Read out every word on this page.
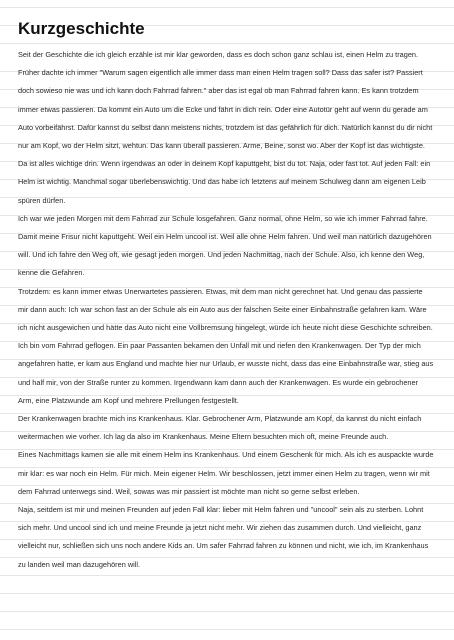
Kurzgeschichte

Seit der Geschichte die ich gleich erzähle ist mir klar geworden, dass es doch schon ganz schlau ist, einen Helm zu tragen. Früher dachte ich immer "Warum sagen eigentlich alle immer dass man einen Helm tragen soll? Dass das safer ist? Passiert doch sowieso nie was und ich kann doch Fahrrad fahren." aber das ist egal ob man Fahrrad fahren kann. Es kann trotzdem immer etwas passieren. Da kommt ein Auto um die Ecke und fährt in dich rein. Oder eine Autotür geht auf wenn du gerade am Auto vorbeifährst. Dafür kannst du selbst dann meistens nichts, trotzdem ist das gefährlich für dich. Natürlich kannst du dir nicht nur am Kopf, wo der Helm sitzt, wehtun. Das kann überall passieren. Arme, Beine, sonst wo. Aber der Kopf ist das wichtigste. Da ist alles wichtige drin. Wenn irgendwas an oder in deinem Kopf kaputtgeht, bist du tot. Naja, oder fast tot. Auf jeden Fall: ein Helm ist wichtig. Manchmal sogar überlebenswichtig. Und das habe ich letztens auf meinem Schulweg dann am eigenen Leib spüren dürfen.

Ich war wie jeden Morgen mit dem Fahrrad zur Schule losgefahren. Ganz normal, ohne Helm, so wie ich immer Fahrrad fahre. Damit meine Frisur nicht kaputtgeht. Weil ein Helm uncool ist. Weil alle ohne Helm fahren. Und weil man natürlich dazugehören will. Und ich fahre den Weg oft, wie gesagt jeden morgen. Und jeden Nachmittag, nach der Schule. Also, ich kenne den Weg, kenne die Gefahren.

Trotzdem: es kann immer etwas Unerwartetes passieren. Etwas, mit dem man nicht gerechnet hat. Und genau das passierte mir dann auch: Ich war schon fast an der Schule als ein Auto aus der falschen Seite einer Einbahnstraße gefahren kam. Wäre ich nicht ausgewichen und hätte das Auto nicht eine Vollbremsung hingelegt, würde ich heute nicht diese Geschichte schreiben.

Ich bin vom Fahrrad geflogen. Ein paar Passanten bekamen den Unfall mit und riefen den Krankenwagen. Der Typ der mich angefahren hatte, er kam aus England und machte hier nur Urlaub, er wusste nicht, dass das eine Einbahnstraße war, stieg aus und half mir, von der Straße runter zu kommen. Irgendwann kam dann auch der Krankenwagen. Es wurde ein gebrochener Arm, eine Platzwunde am Kopf und mehrere Prellungen festgestellt.

Der Krankenwagen brachte mich ins Krankenhaus. Klar. Gebrochener Arm, Platzwunde am Kopf, da kannst du nicht einfach weitermachen wie vorher. Ich lag da also im Krankenhaus. Meine Eltern besuchten mich oft, meine Freunde auch.

Eines Nachmittags kamen sie alle mit einem Helm ins Krankenhaus. Und einem Geschenk für mich. Als ich es auspackte wurde mir klar: es war noch ein Helm. Für mich. Mein eigener Helm. Wir beschlossen, jetzt immer einen Helm zu tragen, wenn wir mit dem Fahrrad unterwegs sind. Weil, sowas was mir passiert ist möchte man nicht so gerne selbst erleben.

Naja, seitdem ist mir und meinen Freunden auf jeden Fall klar: lieber mit Helm fahren und "uncool" sein als zu sterben. Lohnt sich mehr. Und uncool sind ich und meine Freunde ja jetzt nicht mehr. Wir ziehen das zusammen durch. Und vielleicht, ganz vielleicht nur, schließen sich uns noch andere Kids an. Um safer Fahrrad fahren zu können und nicht, wie ich, im Krankenhaus zu landen weil man dazugehören will.
